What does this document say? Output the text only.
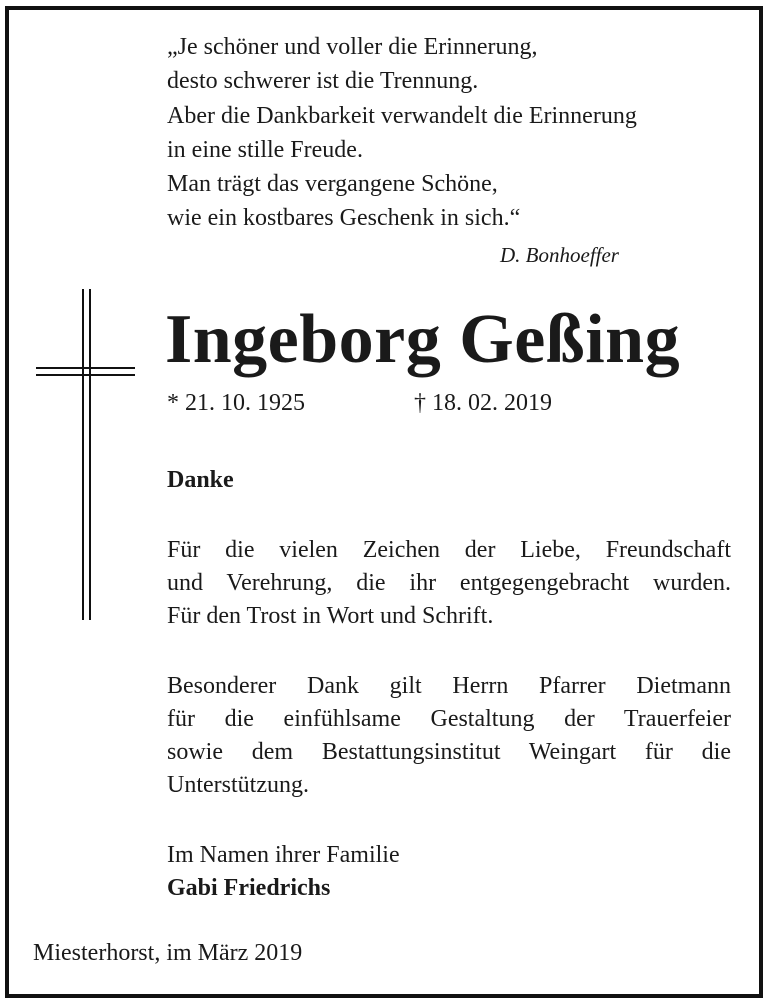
„Je schöner und voller die Erinnerung,
desto schwerer ist die Trennung.
Aber die Dankbarkeit verwandelt die Erinnerung
in eine stille Freude.
Man trägt das vergangene Schöne,
wie ein kostbares Geschenk in sich.“
D. Bonhoeffer
Ingeborg Geßing
* 21. 10. 1925	† 18. 02. 2019
Danke
Für die vielen Zeichen der Liebe, Freundschaft
und Verehrung, die ihr entgegengebracht wurden.
Für den Trost in Wort und Schrift.
Besonderer Dank gilt Herrn Pfarrer Dietmann
für die einfühlsame Gestaltung der Trauerfeier
sowie dem Bestattungsinstitut Weingart für die
Unterstützung.
Im Namen ihrer Familie
Gabi Friedrichs
Miesterhorst, im März 2019
